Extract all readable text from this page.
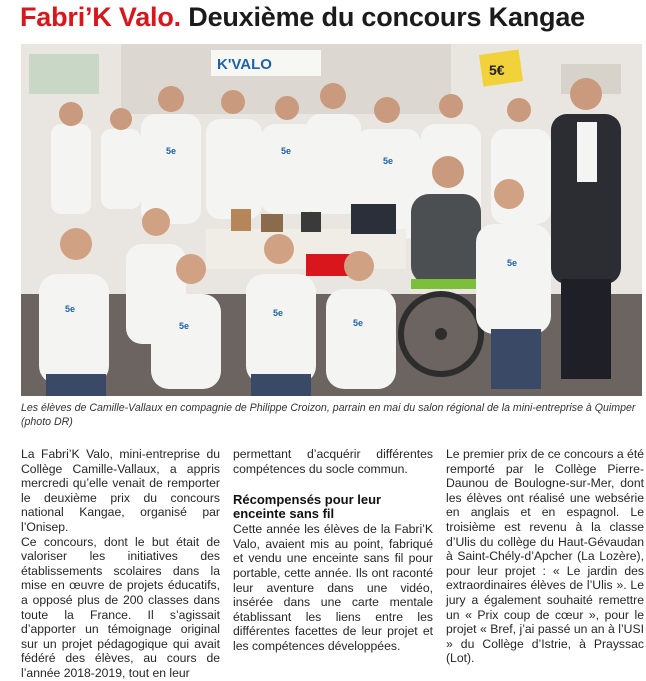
Fabri’K Valo. Deuxième du concours Kangae
K'VALO	5€
5e
5e
5e
5e
5e
5e	5e
5e
Les élèves de Camille-Vallaux en compagnie de Philippe Croizon, parrain en mai du salon régional de la mini-entreprise à Quimper (photo DR)

La Fabri’K Valo, mini-entreprise du Collège Camille-Vallaux, a appris mercredi qu’elle venait de remporter le deuxième prix du concours national Kangae, organisé par l’Onisep.

Ce concours, dont le but était de valoriser les initiatives des établissements scolaires dans la mise en œuvre de projets éducatifs, a opposé plus de 200 classes dans toute la France. Il s’agissait d’apporter un témoignage original sur un projet pédagogique qui avait fédéré des élèves, au cours de l’année 2018-2019, tout en leur

permettant d’acquérir différentes compétences du socle commun.

Récompensés pour leur enceinte sans fil

Cette année les élèves de la Fabri’K Valo, avaient mis au point, fabriqué et vendu une enceinte sans fil pour portable, cette année. Ils ont raconté leur aventure dans une vidéo, insérée dans une carte mentale établissant les liens entre les différentes facettes de leur projet et les compétences développées.

Le premier prix de ce concours a été remporté par le Collège Pierre-Daunou de Boulogne-sur-Mer, dont les élèves ont réalisé une websérie en anglais et en espagnol. Le troisième est revenu à la classe d’Ulis du collège du Haut-Gévaudan à Saint-Chély-d’Apcher (La Lozère), pour leur projet : « Le jardin des extraordinaires élèves de l’Ulis ». Le jury a également souhaité remettre un « Prix coup de cœur », pour le projet « Bref, j’ai passé un an à l’USI » du Collège d’Istrie, à Prayssac (Lot).
